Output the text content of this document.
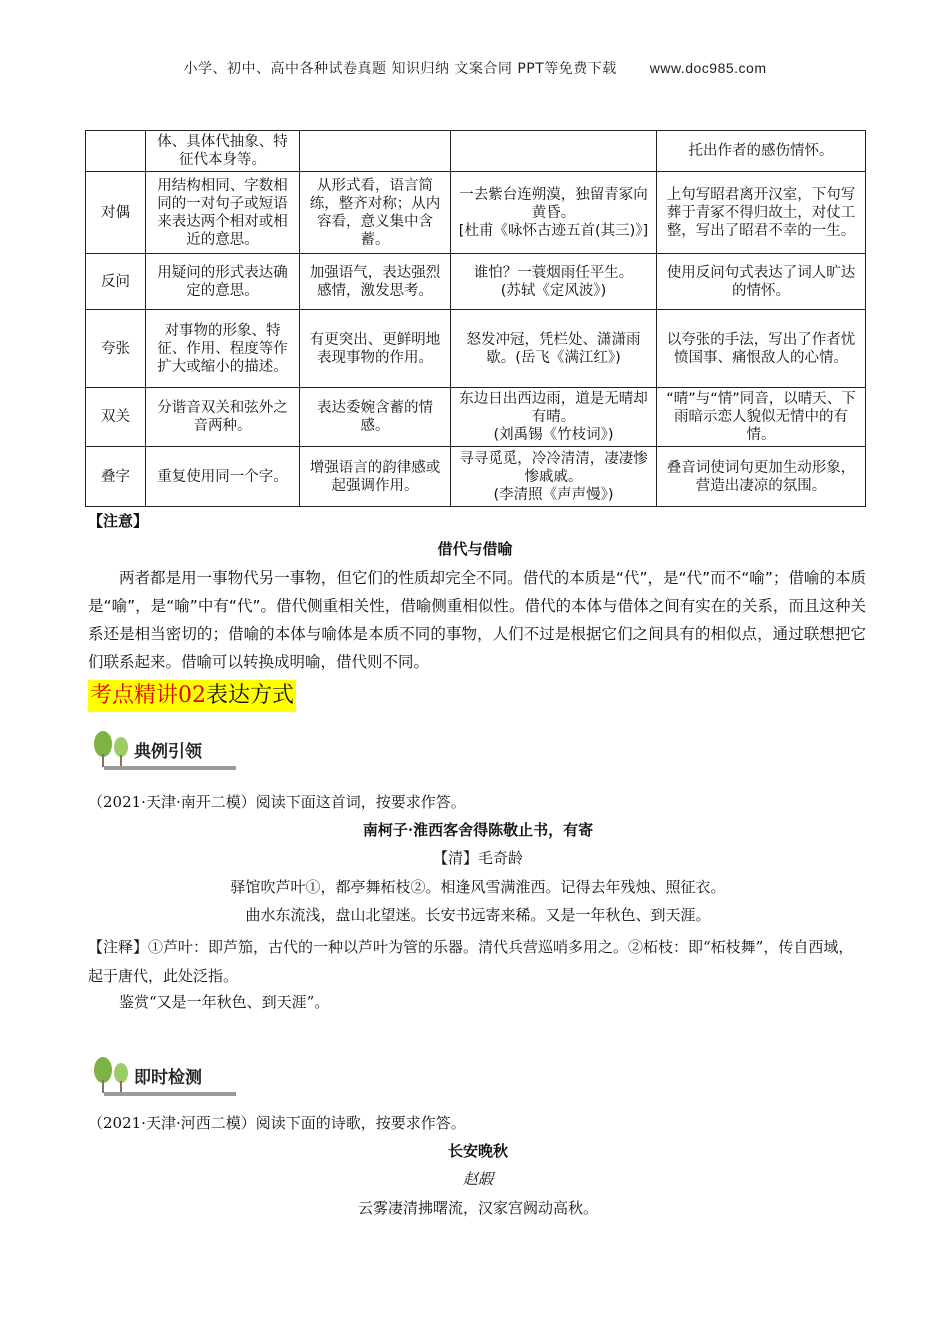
小学、初中、高中各种试卷真题 知识归纳 文案合同 PPT等免费下载 www.doc985.com
	体、具体代抽象、特征代本身等。			托出作者的感伤情怀。
对偶	用结构相同、字数相同的一对句子或短语来表达两个相对或相近的意思。	从形式看，语言简练，整齐对称；从内容看，意义集中含蓄。	一去紫台连朔漠，独留青冢向黄昏。
[杜甫《咏怀古迹五首(其三)》]	上句写昭君离开汉室，下句写葬于青冢不得归故土，对仗工整，写出了昭君不幸的一生。
反问	用疑问的形式表达确定的意思。	加强语气，表达强烈感情，激发思考。	谁怕？一蓑烟雨任平生。
(苏轼《定风波》)	使用反问句式表达了词人旷达的情怀。
夸张	对事物的形象、特征、作用、程度等作扩大或缩小的描述。	有更突出、更鲜明地表现事物的作用。	怒发冲冠，凭栏处、潇潇雨歇。(岳飞《满江红》)	以夸张的手法，写出了作者忧愤国事、痛恨敌人的心情。
双关	分谐音双关和弦外之音两种。	表达委婉含蓄的情感。	东边日出西边雨，道是无晴却有晴。
(刘禹锡《竹枝词》)	“晴”与“情”同音，以晴天、下雨暗示恋人貌似无情中的有情。
叠字	重复使用同一个字。	增强语言的韵律感或起强调作用。	寻寻觅觅，冷冷清清，凄凄惨惨戚戚。
(李清照《声声慢》)	叠音词使词句更加生动形象，营造出凄凉的氛围。
【注意】
借代与借喻
两者都是用一事物代另一事物，但它们的性质却完全不同。借代的本质是“代”，是“代”而不“喻”；借喻的本质是“喻”，是“喻”中有“代”。借代侧重相关性，借喻侧重相似性。借代的本体与借体之间有实在的关系，而且这种关系还是相当密切的；借喻的本体与喻体是本质不同的事物，人们不过是根据它们之间具有的相似点，通过联想把它们联系起来。借喻可以转换成明喻，借代则不同。
考点精讲02表达方式
典例引领
（2021·天津·南开二模）阅读下面这首词，按要求作答。
南柯子·淮西客舍得陈敬止书，有寄
【清】毛奇龄
驿馆吹芦叶①，都亭舞柘枝②。相逢风雪满淮西。记得去年残烛、照征衣。
曲水东流浅，盘山北望迷。长安书远寄来稀。又是一年秋色、到天涯。
【注释】①芦叶：即芦笳，古代的一种以芦叶为管的乐器。清代兵营巡哨多用之。②柘枝：即“柘枝舞”，传自西域，起于唐代，此处泛指。
鉴赏“又是一年秋色、到天涯”。
即时检测
（2021·天津·河西二模）阅读下面的诗歌，按要求作答。
长安晚秋
赵嘏
云雾凄清拂曙流，汉家宫阙动高秋。
